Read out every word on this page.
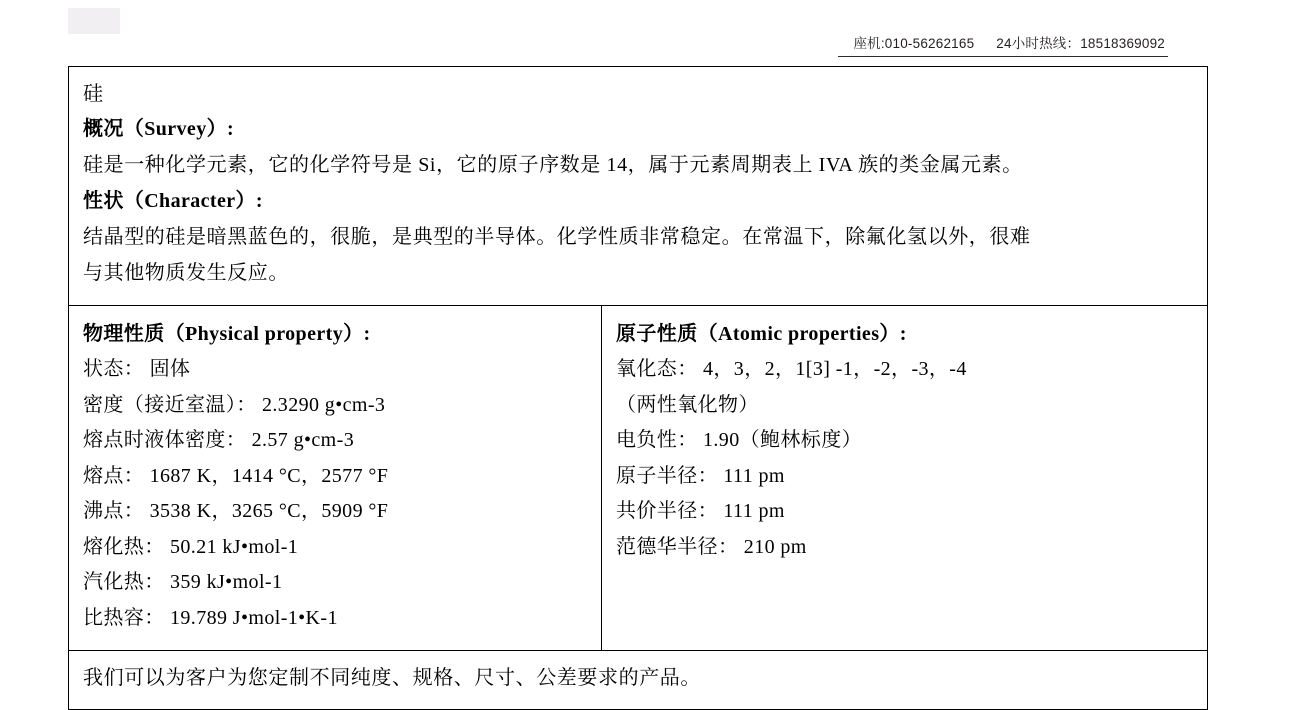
座机:010-56262165 24小时热线：18518369092
硅
概况（Survey）:
硅是一种化学元素，它的化学符号是 Si，它的原子序数是 14，属于元素周期表上 IVA 族的类金属元素。
性状（Character）:
结晶型的硅是暗黑蓝色的，很脆，是典型的半导体。化学性质非常稳定。在常温下，除氟化氢以外，很难
与其他物质发生反应。
物理性质（Physical property）:
状态： 固体
密度（接近室温）： 2.3290 g•cm-3
熔点时液体密度： 2.57 g•cm-3
熔点： 1687 K，1414 °C，2577 °F
沸点： 3538 K，3265 °C，5909 °F
熔化热： 50.21 kJ•mol-1
汽化热： 359 kJ•mol-1
比热容： 19.789 J•mol-1•K-1
原子性质（Atomic properties）:
氧化态： 4，3，2，1[3] -1，-2，-3，-4
（两性氧化物）
电负性： 1.90（鲍林标度）
原子半径： 111 pm
共价半径： 111 pm
范德华半径： 210 pm
我们可以为客户为您定制不同纯度、规格、尺寸、公差要求的产品。
